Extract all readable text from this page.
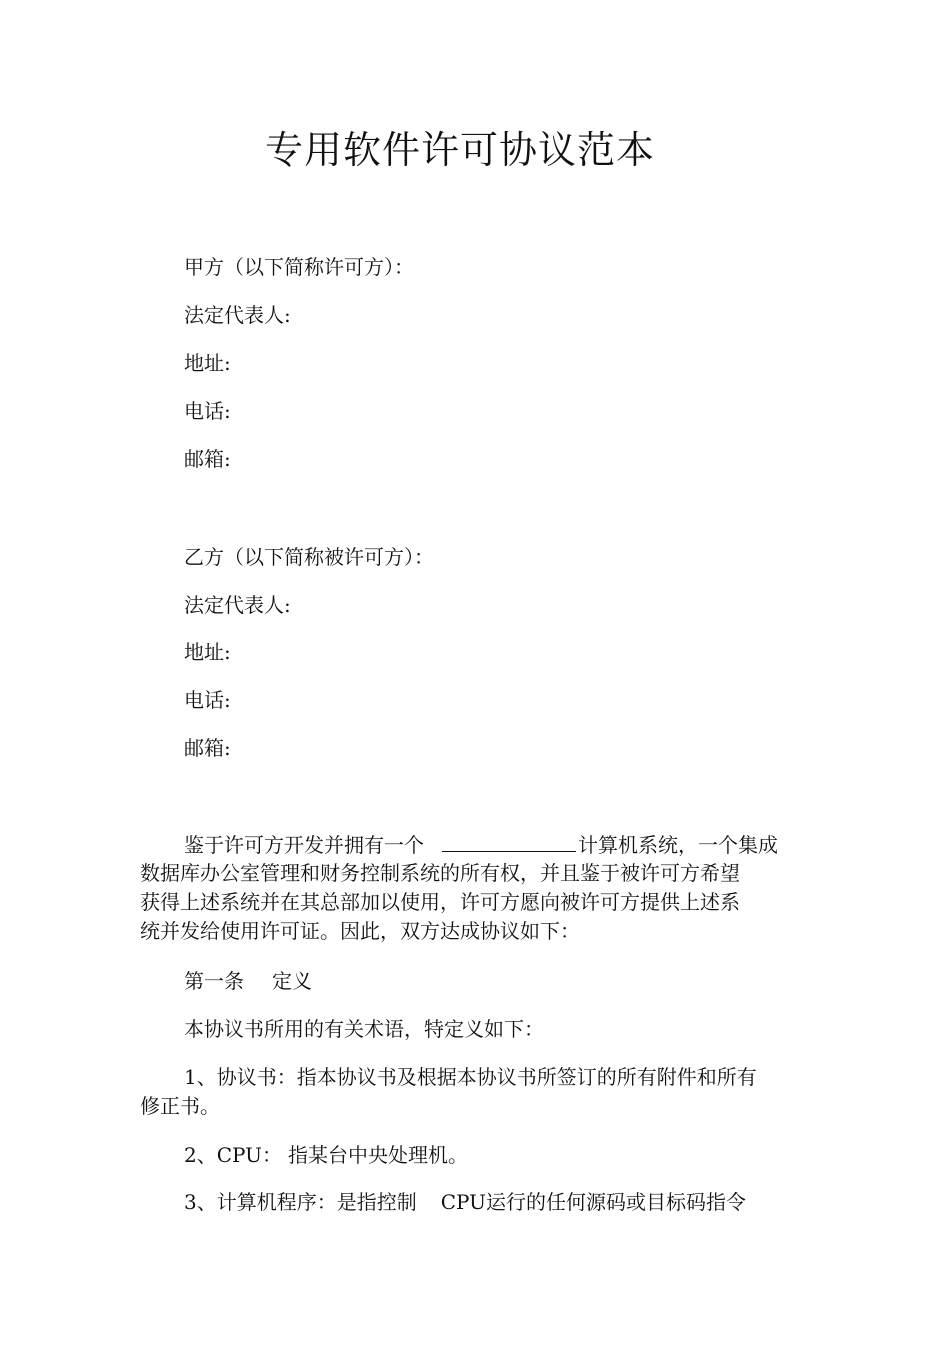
专用软件许可协议范本
甲方（以下简称许可方）：
法定代表人:
地址:
电话:
邮箱:
乙方（以下简称被许可方）：
法定代表人:
地址:
电话:
邮箱:
鉴于许可方开发并拥有一个	计算机系统，一个集成
数据库办公室管理和财务控制系统的所有权，并且鉴于被许可方希望
获得上述系统并在其总部加以使用，许可方愿向被许可方提供上述系
统并发给使用许可证。因此，双方达成协议如下：
第一条 定义
本协议书所用的有关术语，特定义如下：
1、协议书：指本协议书及根据本协议书所签订的所有附件和所有
修正书。
2、CPU： 指某台中央处理机。
3、计算机程序：是指控制 CPU运行的任何源码或目标码指令
